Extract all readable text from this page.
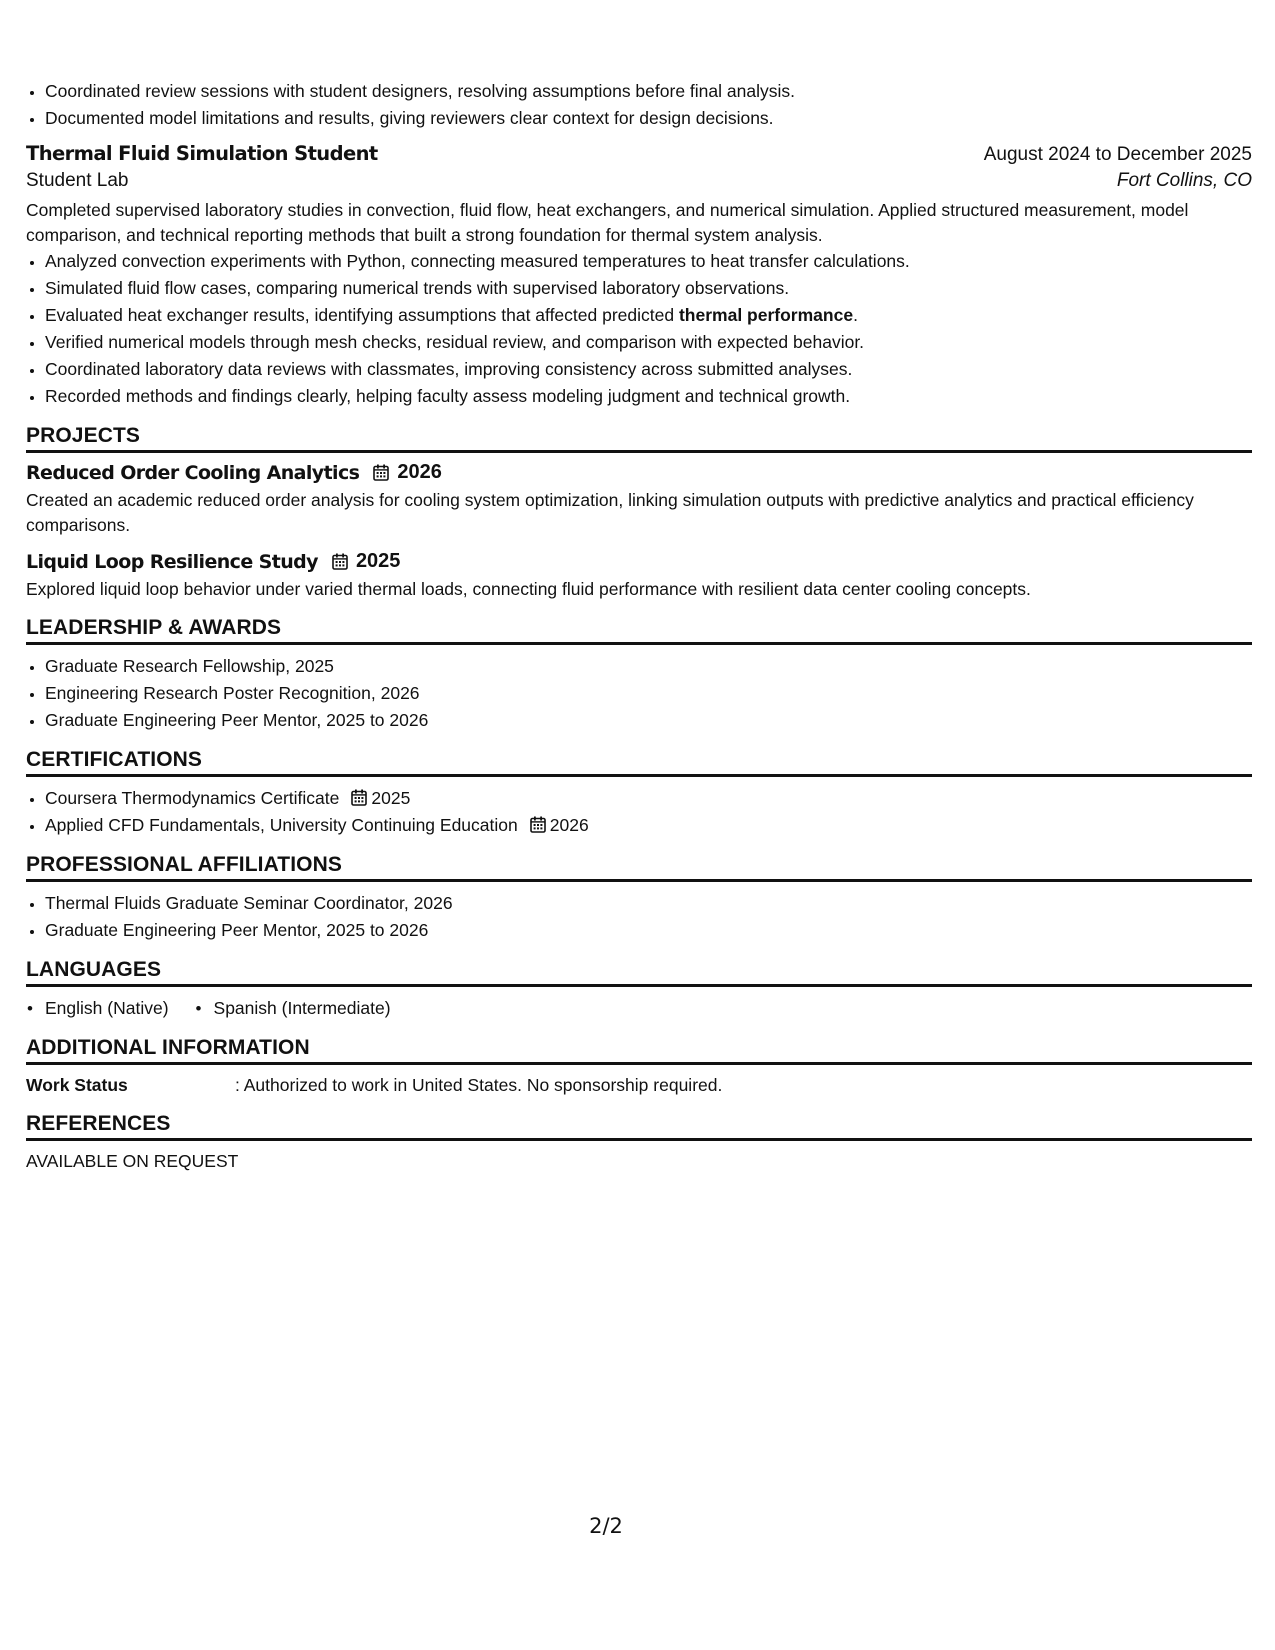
• Coordinated review sessions with student designers, resolving assumptions before final analysis.
• Documented model limitations and results, giving reviewers clear context for design decisions.
Thermal Fluid Simulation Student	August 2024 to December 2025
Student Lab	Fort Collins, CO

Completed supervised laboratory studies in convection, fluid flow, heat exchangers, and numerical simulation. Applied structured measurement, model comparison, and technical reporting methods that built a strong foundation for thermal system analysis.

• Analyzed convection experiments with Python, connecting measured temperatures to heat transfer calculations.
• Simulated fluid flow cases, comparing numerical trends with supervised laboratory observations.
• Evaluated heat exchanger results, identifying assumptions that affected predicted thermal performance.
• Verified numerical models through mesh checks, residual review, and comparison with expected behavior.
• Coordinated laboratory data reviews with classmates, improving consistency across submitted analyses.
• Recorded methods and findings clearly, helping faculty assess modeling judgment and technical growth.
PROJECTS
Reduced Order Cooling Analytics 2026

Created an academic reduced order analysis for cooling system optimization, linking simulation outputs with predictive analytics and practical efficiency comparisons.

Liquid Loop Resilience Study 2025

Explored liquid loop behavior under varied thermal loads, connecting fluid performance with resilient data center cooling concepts.

LEADERSHIP & AWARDS
• Graduate Research Fellowship, 2025
• Engineering Research Poster Recognition, 2026
• Graduate Engineering Peer Mentor, 2025 to 2026
CERTIFICATIONS
• Coursera Thermodynamics Certificate 2025
• Applied CFD Fundamentals, University Continuing Education 2026
PROFESSIONAL AFFILIATIONS
• Thermal Fluids Graduate Seminar Coordinator, 2026
• Graduate Engineering Peer Mentor, 2025 to 2026
LANGUAGES
• English (Native)
•	Spanish (Intermediate)
ADDITIONAL INFORMATION
Work Status	: Authorized to work in United States. No sponsorship required.
REFERENCES

AVAILABLE ON REQUEST

2/2
